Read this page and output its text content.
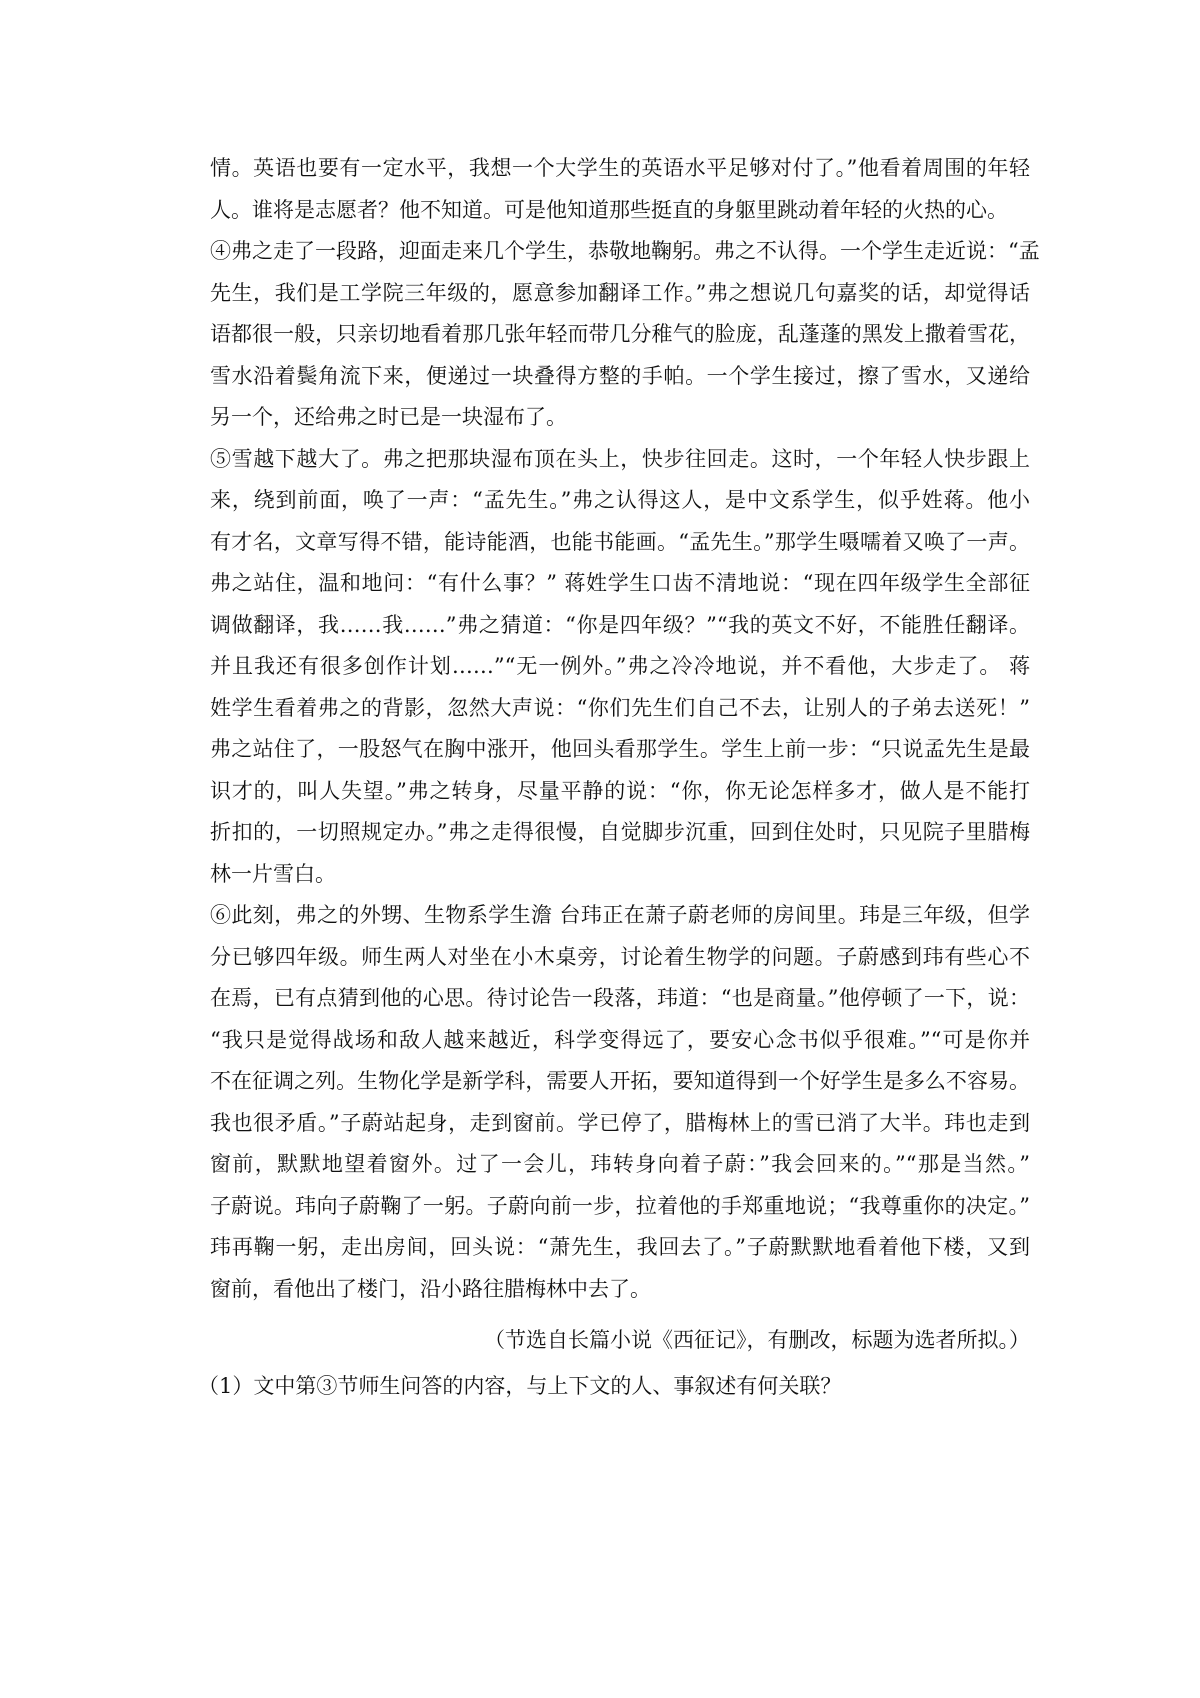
情。英语也要有一定水平，我想一个大学生的英语水平足够对付了。”他看着周围的年轻
人。谁将是志愿者？他不知道。可是他知道那些挺直的身躯里跳动着年轻的火热的心。
④弗之走了一段路，迎面走来几个学生，恭敬地鞠躬。弗之不认得。一个学生走近说：“孟
先生，我们是工学院三年级的，愿意参加翻译工作。”弗之想说几句嘉奖的话，却觉得话
语都很一般，只亲切地看着那几张年轻而带几分稚气的脸庞，乱蓬蓬的黑发上撒着雪花，
雪水沿着鬓角流下来，便递过一块叠得方整的手帕。一个学生接过，擦了雪水，又递给
另一个，还给弗之时已是一块湿布了。
⑤雪越下越大了。弗之把那块湿布顶在头上，快步往回走。这时，一个年轻人快步跟上
来，绕到前面，唤了一声：“孟先生。”弗之认得这人，是中文系学生，似乎姓蒋。他小
有才名，文章写得不错，能诗能酒，也能书能画。“孟先生。”那学生嗫嚅着又唤了一声。
弗之站住，温和地问：“有什么事？” 蒋姓学生口齿不清地说：“现在四年级学生全部征
调做翻译，我……我……”弗之猜道：“你是四年级？”“我的英文不好，不能胜任翻译。
并且我还有很多创作计划……”“无一例外。”弗之冷冷地说，并不看他，大步走了。 蒋
姓学生看着弗之的背影，忽然大声说：“你们先生们自己不去，让别人的子弟去送死！”
弗之站住了，一股怒气在胸中涨开，他回头看那学生。学生上前一步：“只说孟先生是最
识才的，叫人失望。”弗之转身，尽量平静的说：“你，你无论怎样多才，做人是不能打
折扣的，一切照规定办。”弗之走得很慢，自觉脚步沉重，回到住处时，只见院子里腊梅
林一片雪白。
⑥此刻，弗之的外甥、生物系学生澹 台玮正在萧子蔚老师的房间里。玮是三年级，但学
分已够四年级。师生两人对坐在小木桌旁，讨论着生物学的问题。子蔚感到玮有些心不
在焉，已有点猜到他的心思。待讨论告一段落，玮道：“也是商量。”他停顿了一下，说：
“我只是觉得战场和敌人越来越近，科学变得远了，要安心念书似乎很难。”“可是你并
不在征调之列。生物化学是新学科，需要人开拓，要知道得到一个好学生是多么不容易。
我也很矛盾。”子蔚站起身，走到窗前。学已停了，腊梅林上的雪已消了大半。玮也走到
窗前，默默地望着窗外。过了一会儿，玮转身向着子蔚：”我会回来的。”“那是当然。”
子蔚说。玮向子蔚鞠了一躬。子蔚向前一步，拉着他的手郑重地说；“我尊重你的决定。”
玮再鞠一躬，走出房间，回头说：“萧先生，我回去了。”子蔚默默地看着他下楼，又到
窗前，看他出了楼门，沿小路往腊梅林中去了。
（节选自长篇小说《西征记》，有删改，标题为选者所拟。）
（1）文中第③节师生问答的内容，与上下文的人、事叙述有何关联？
